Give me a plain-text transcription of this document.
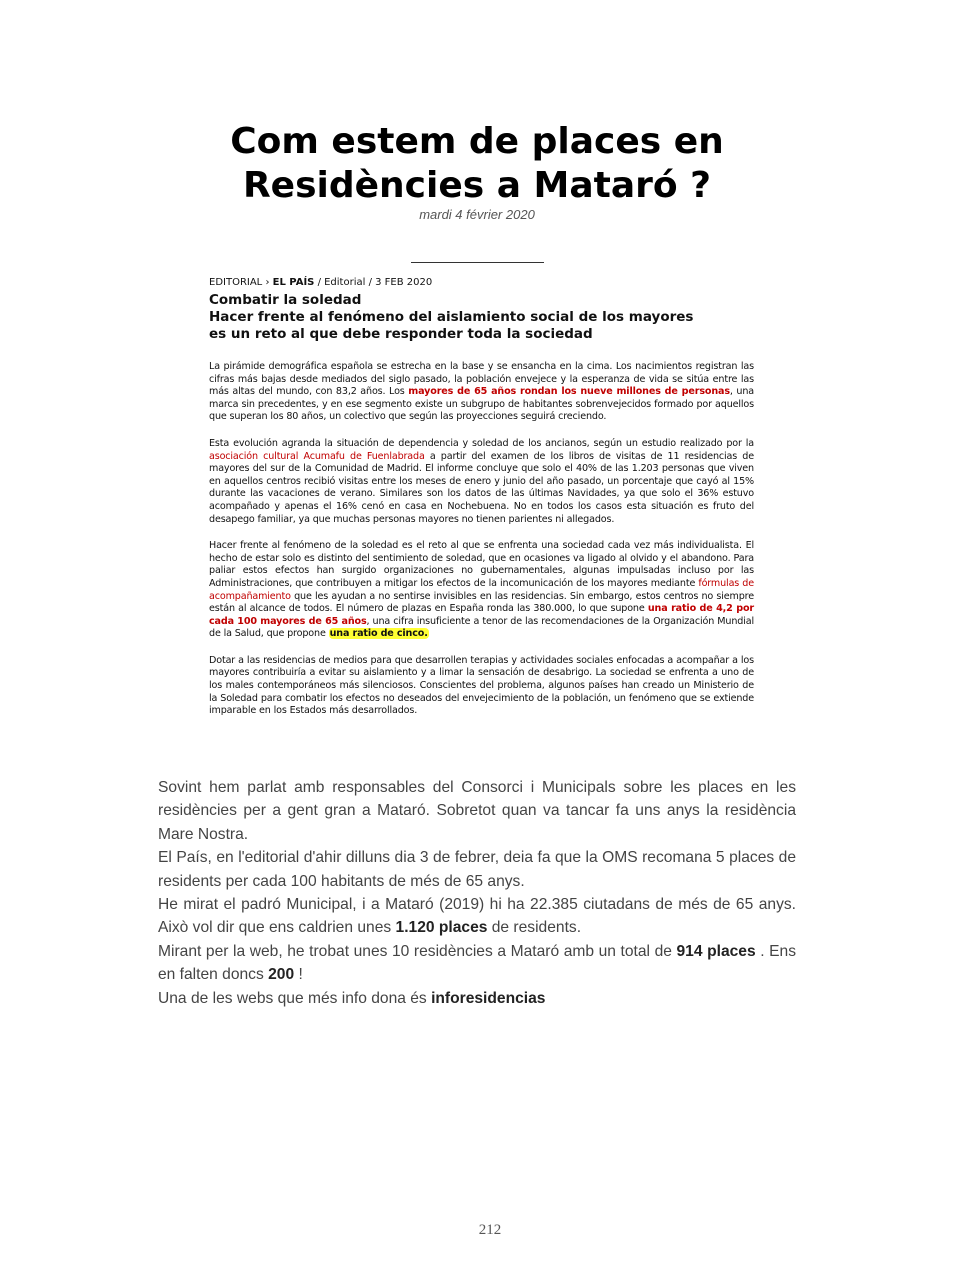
Com estem de places en
Residències a Mataró ?
mardi 4 février 2020

EDITORIAL › EL PAÍS / Editorial / 3 FEB 2020

Combatir la soledad

Hacer frente al fenómeno del aislamiento social de los mayores
es un reto al que debe responder toda la sociedad

La pirámide demográfica española se estrecha en la base y se ensancha en la cima. Los nacimientos registran las cifras más bajas desde mediados del siglo pasado, la población envejece y la esperanza de vida se sitúa entre las más altas del mundo, con 83,2 años. Los mayores de 65 años rondan los nueve millones de personas, una marca sin precedentes, y en ese segmento existe un subgrupo de habitantes sobrenvejecidos formado por aquellos que superan los 80 años, un colectivo que según las proyecciones seguirá creciendo.

Esta evolución agranda la situación de dependencia y soledad de los ancianos, según un estudio realizado por la asociación cultural Acumafu de Fuenlabrada a partir del examen de los libros de visitas de 11 residencias de mayores del sur de la Comunidad de Madrid. El informe concluye que solo el 40% de las 1.203 personas que viven en aquellos centros recibió visitas entre los meses de enero y junio del año pasado, un porcentaje que cayó al 15% durante las vacaciones de verano. Similares son los datos de las últimas Navidades, ya que solo el 36% estuvo acompañado y apenas el 16% cenó en casa en Nochebuena. No en todos los casos esta situación es fruto del desapego familiar, ya que muchas personas mayores no tienen parientes ni allegados.

Hacer frente al fenómeno de la soledad es el reto al que se enfrenta una sociedad cada vez más individualista. El hecho de estar solo es distinto del sentimiento de soledad, que en ocasiones va ligado al olvido y el abandono. Para paliar estos efectos han surgido organizaciones no gubernamentales, algunas impulsadas incluso por las Administraciones, que contribuyen a mitigar los efectos de la incomunicación de los mayores mediante fórmulas de acompañamiento que les ayudan a no sentirse invisibles en las residencias. Sin embargo, estos centros no siempre están al alcance de todos. El número de plazas en España ronda las 380.000, lo que supone una ratio de 4,2 por cada 100 mayores de 65 años, una cifra insuficiente a tenor de las recomendaciones de la Organización Mundial de la Salud, que propone una ratio de cinco.

Dotar a las residencias de medios para que desarrollen terapias y actividades sociales enfocadas a acompañar a los mayores contribuiría a evitar su aislamiento y a limar la sensación de desabrigo. La sociedad se enfrenta a uno de los males contemporáneos más silenciosos. Conscientes del problema, algunos países han creado un Ministerio de la Soledad para combatir los efectos no deseados del envejecimiento de la población, un fenómeno que se extiende imparable en los Estados más desarrollados.

Sovint hem parlat amb responsables del Consorci i Municipals sobre les places en les residències per a gent gran a Mataró. Sobretot quan va tancar fa uns anys la residència Mare Nostra.

El País, en l'editorial d'ahir dilluns dia 3 de febrer, deia fa que la OMS recomana 5 places de residents per cada 100 habitants de més de 65 anys.

He mirat el padró Municipal, i a Mataró (2019) hi ha 22.385 ciutadans de més de 65 anys. Això vol dir que ens caldrien unes 1.120 places de residents.

Mirant per la web, he trobat unes 10 residències a Mataró amb un total de 914 places . Ens en falten doncs 200 !

Una de les webs que més info dona és inforesidencias

212
